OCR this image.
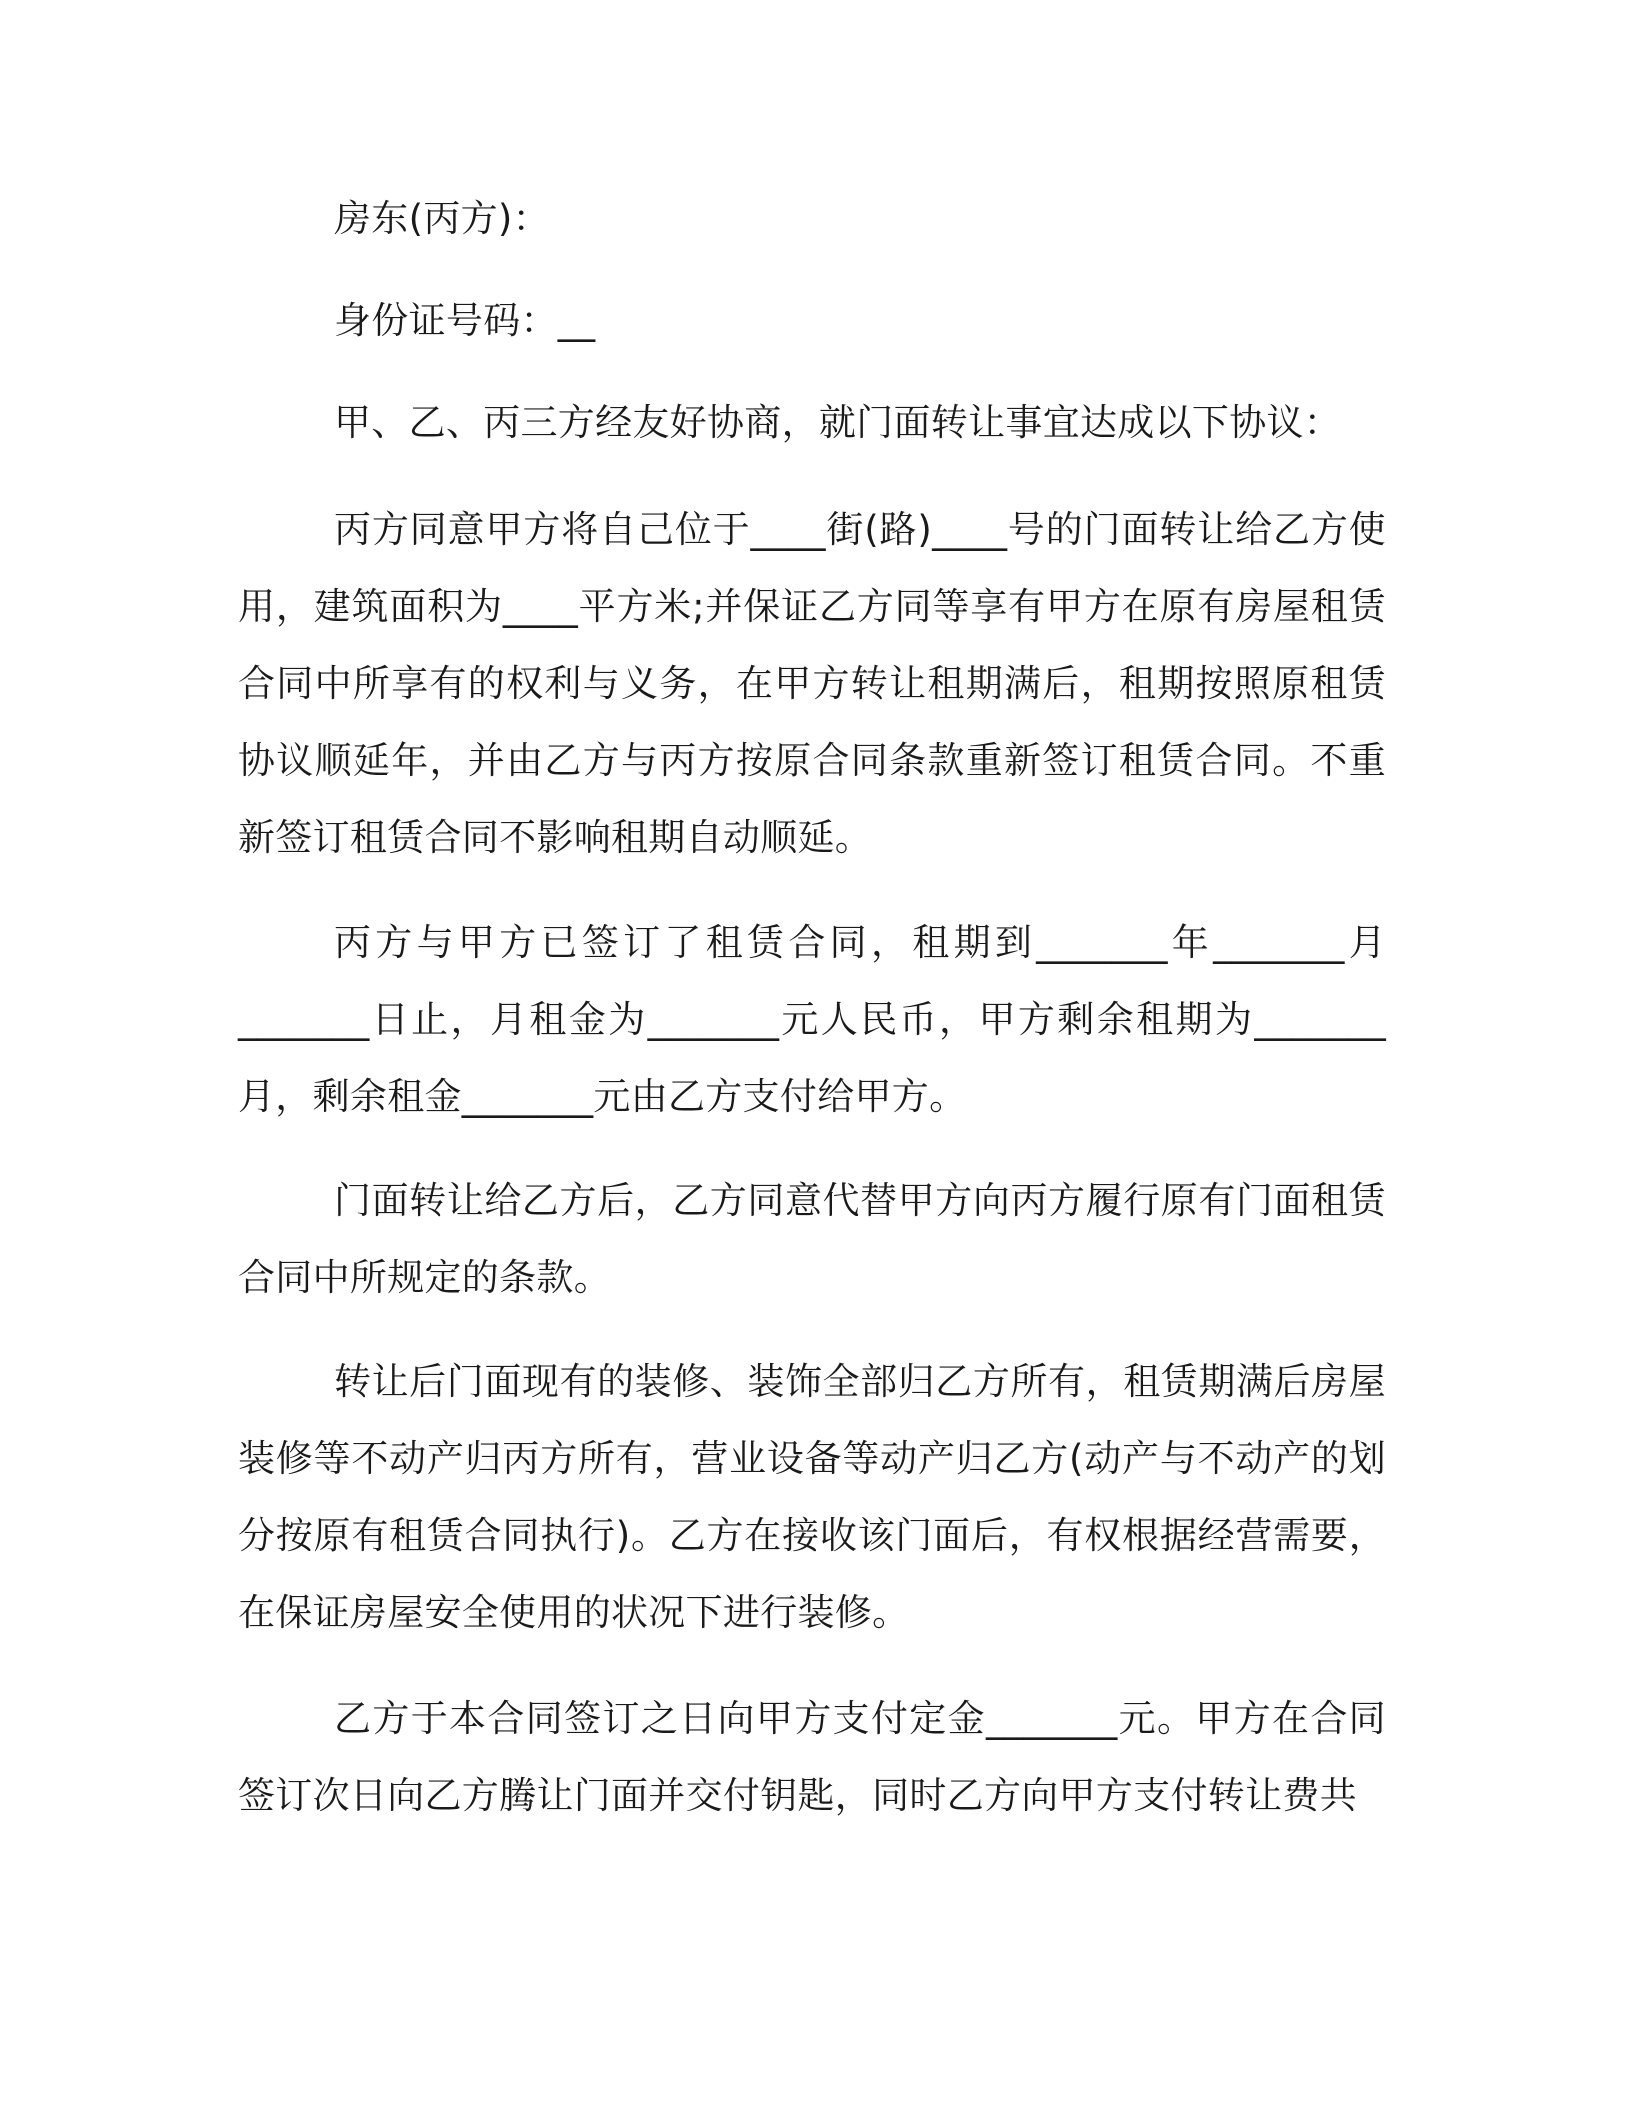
房东(丙方)：

身份证号码：__

甲、乙、丙三方经友好协商，就门面转让事宜达成以下协议：

丙方同意甲方将自己位于____街(路)____号的门面转让给乙方使用，建筑面积为____平方米;并保证乙方同等享有甲方在原有房屋租赁合同中所享有的权利与义务，在甲方转让租期满后，租期按照原租赁协议顺延年，并由乙方与丙方按原合同条款重新签订租赁合同。不重新签订租赁合同不影响租期自动顺延。

丙方与甲方已签订了租赁合同，租期到_______年_______月_______日止，月租金为_______元人民币，甲方剩余租期为_______月，剩余租金_______元由乙方支付给甲方。

门面转让给乙方后，乙方同意代替甲方向丙方履行原有门面租赁合同中所规定的条款。

转让后门面现有的装修、装饰全部归乙方所有，租赁期满后房屋装修等不动产归丙方所有，营业设备等动产归乙方(动产与不动产的划分按原有租赁合同执行)。乙方在接收该门面后，有权根据经营需要，在保证房屋安全使用的状况下进行装修。

乙方于本合同签订之日向甲方支付定金_______元。甲方在合同签订次日向乙方腾让门面并交付钥匙，同时乙方向甲方支付转让费共
